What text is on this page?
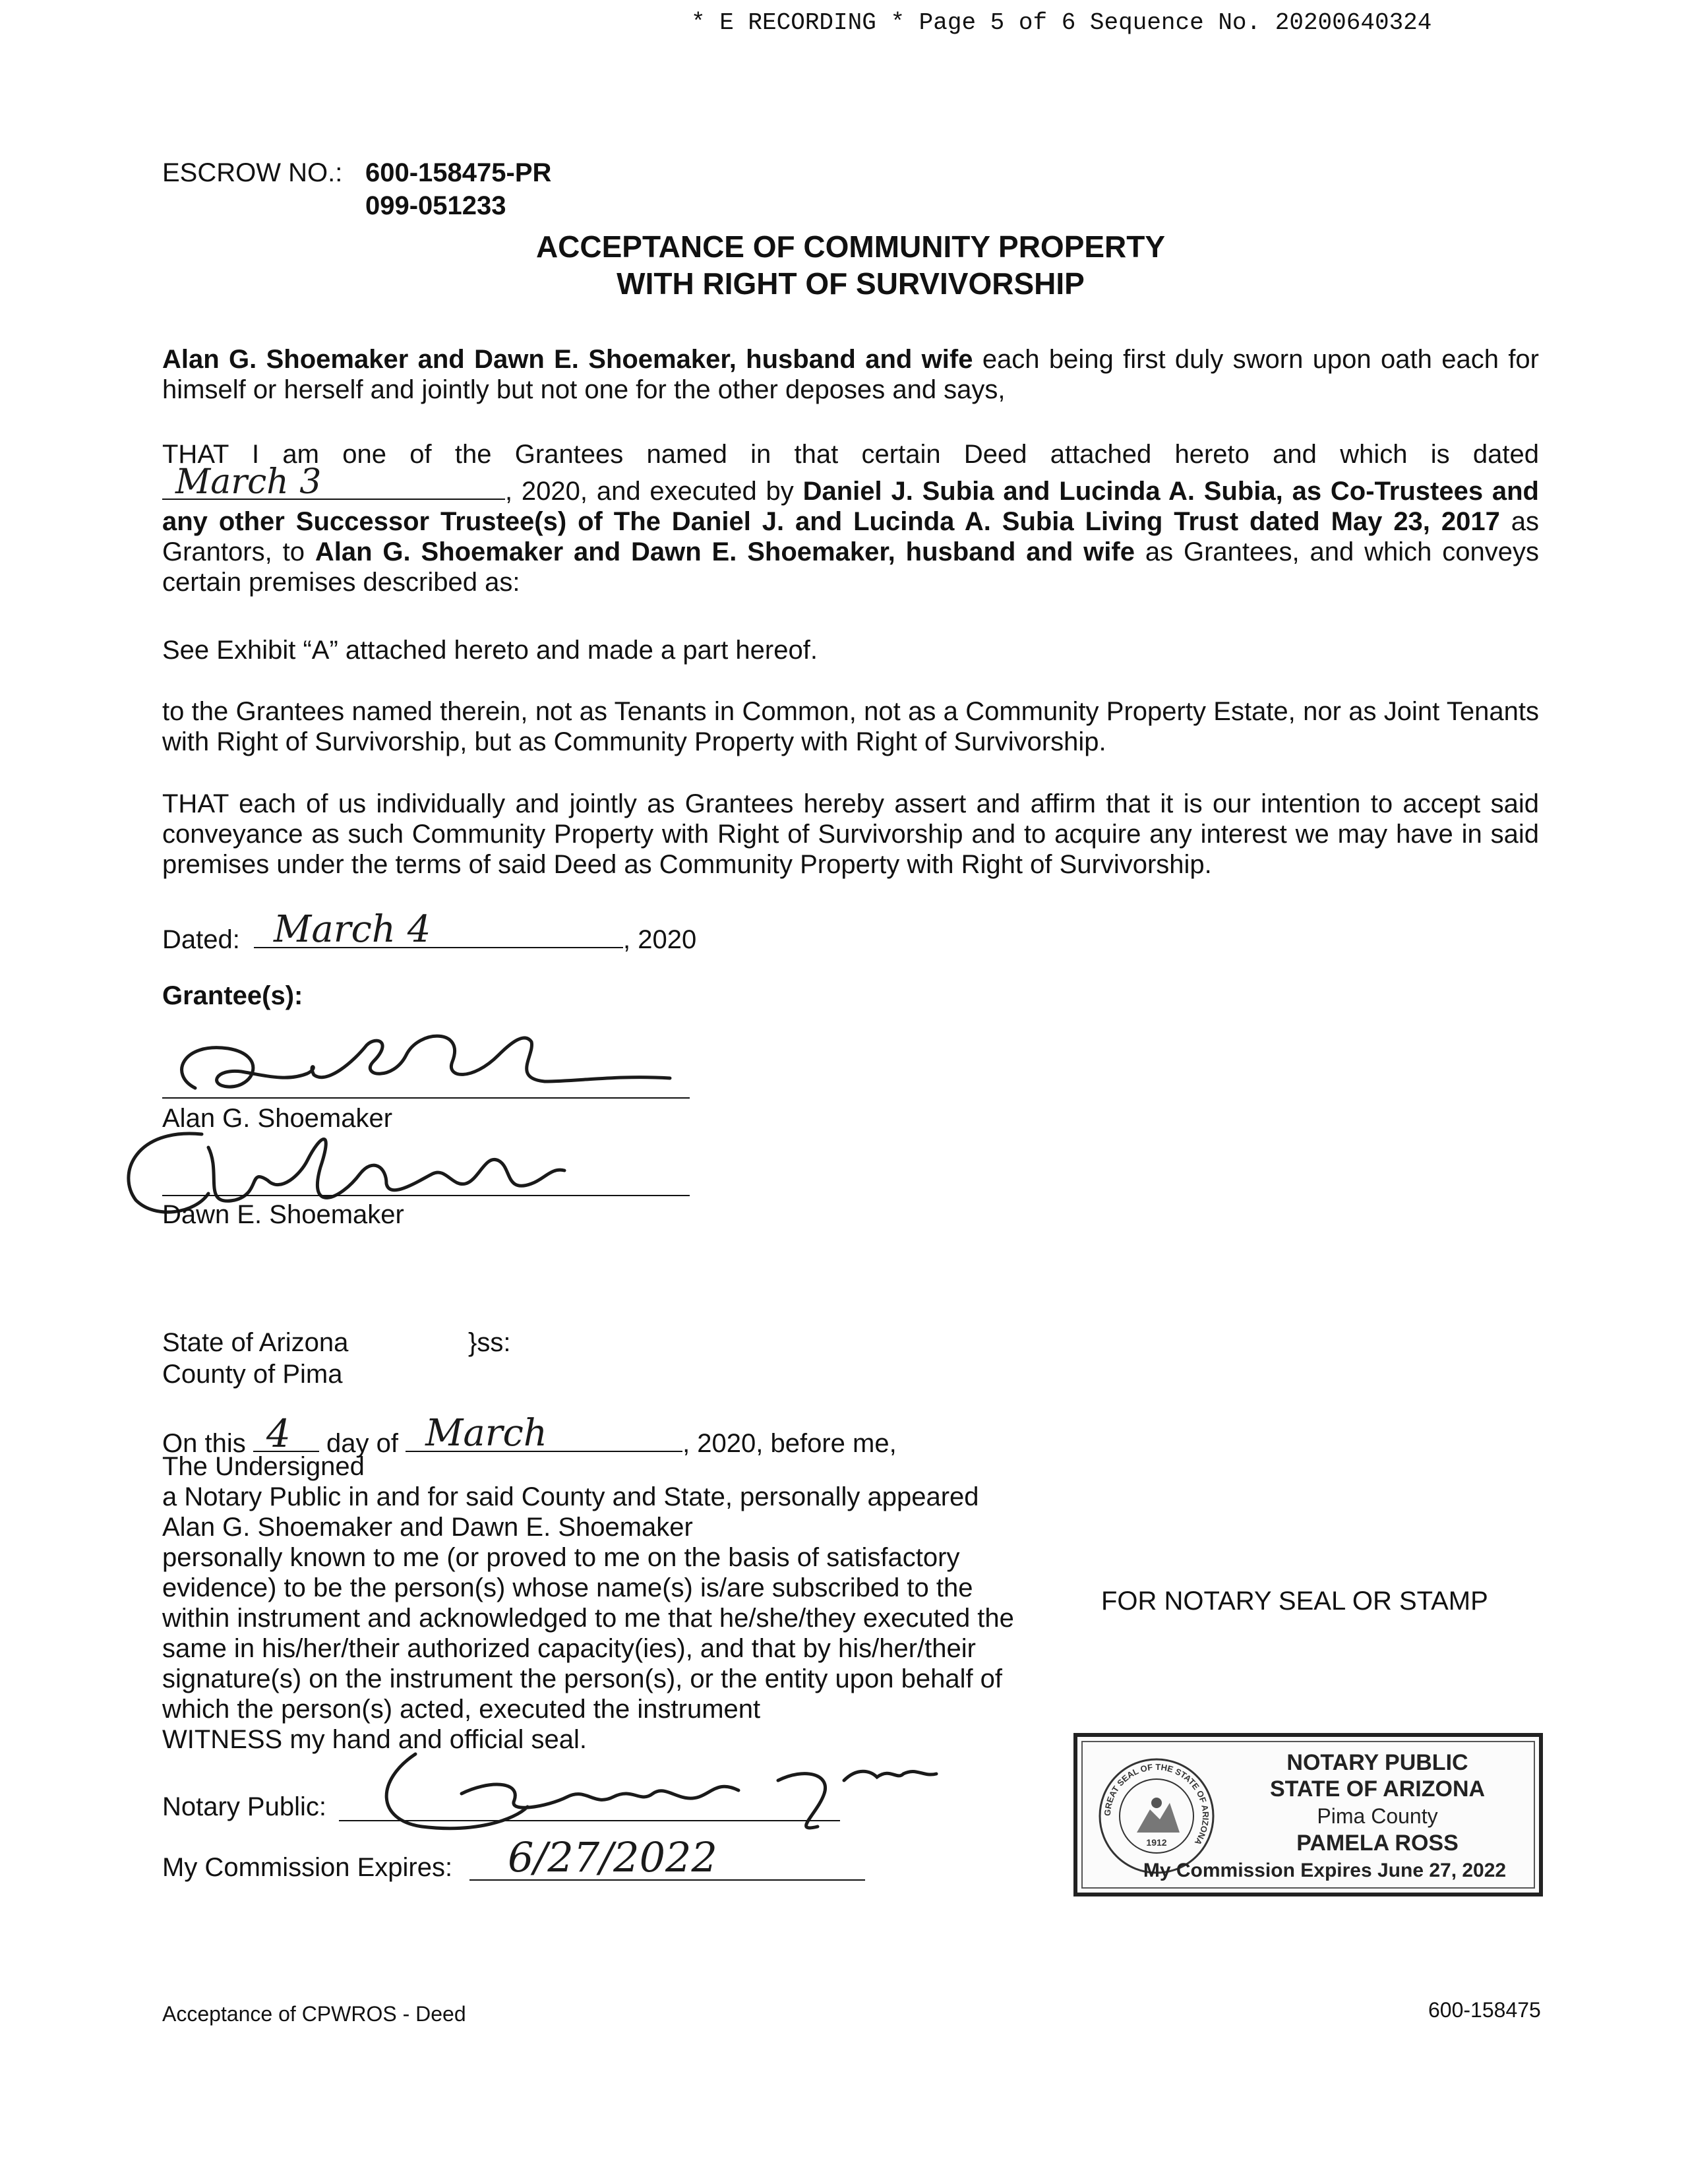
* E RECORDING * Page 5 of 6 Sequence No. 20200640324
ESCROW NO.: 600-158475-PR
099-051233
ACCEPTANCE OF COMMUNITY PROPERTY
WITH RIGHT OF SURVIVORSHIP
Alan G. Shoemaker and Dawn E. Shoemaker, husband and wife each being first duly sworn upon oath each for himself or herself and jointly but not one for the other deposes and says,
THAT I am one of the Grantees named in that certain Deed attached hereto and which is dated
March 3	, 2020, and executed by Daniel J. Subia and Lucinda A. Subia, as Co-Trustees and any other Successor Trustee(s) of The Daniel J. and Lucinda A. Subia Living Trust dated May 23, 2017 as Grantors, to Alan G. Shoemaker and Dawn E. Shoemaker, husband and wife as Grantees, and which conveys certain premises described as:
See Exhibit “A” attached hereto and made a part hereof.
to the Grantees named therein, not as Tenants in Common, not as a Community Property Estate, nor as Joint Tenants with Right of Survivorship, but as Community Property with Right of Survivorship.
THAT each of us individually and jointly as Grantees hereby assert and affirm that it is our intention to accept said conveyance as such Community Property with Right of Survivorship and to acquire any interest we may have in said premises under the terms of said Deed as Community Property with Right of Survivorship.
Dated: March 4	, 2020
Grantee(s):
Alan G. Shoemaker
Dawn E. Shoemaker
State of Arizona	}ss:
County of Pima
On this 4 day of March	, 2020, before me,
The Undersigned
a Notary Public in and for said County and State, personally appeared
Alan G. Shoemaker and Dawn E. Shoemaker
personally known to me (or proved to me on the basis of satisfactory
evidence) to be the person(s) whose name(s) is/are subscribed to the
within instrument and acknowledged to me that he/she/they executed the
same in his/her/their authorized capacity(ies), and that by his/her/their
signature(s) on the instrument the person(s), or the entity upon behalf of
which the person(s) acted, executed the instrument
WITNESS my hand and official seal.
Notary Public:
My Commission Expires: 6/27/2022
FOR NOTARY SEAL OR STAMP
GREAT SEAL OF THE STATE OF ARIZONA
1912
NOTARY PUBLIC
STATE OF ARIZONA
Pima County
PAMELA ROSS
My Commission Expires June 27, 2022
Acceptance of CPWROS - Deed	600-158475
